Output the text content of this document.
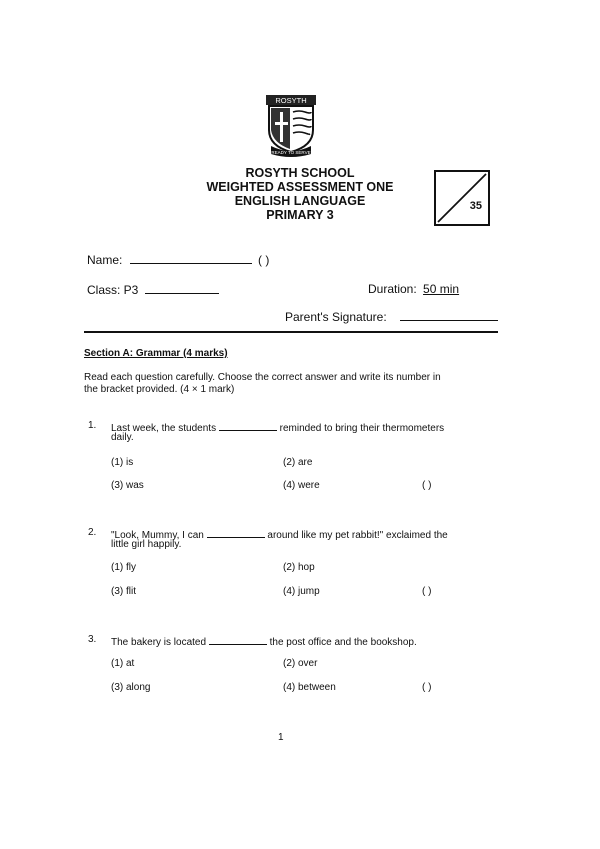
ROSYTH
READY TO SERVE
ROSYTH SCHOOL
WEIGHTED ASSESSMENT ONE
ENGLISH LANGUAGE
PRIMARY 3
35
Name:	( )
Class: P3	Duration: 50 min
Parent's Signature:
Section A: Grammar (4 marks)
Read each question carefully. Choose the correct answer and write its number in
the bracket provided. (4 × 1 mark)
1. Last week, the students	reminded to bring their thermometers
daily.
(1) is	(2) are
(3) was	(4) were	( )
2. "Look, Mummy, I can	around like my pet rabbit!" exclaimed the
little girl happily.
(1) fly	(2) hop
(3) flit	(4) jump	( )
3. The bakery is located	the post office and the bookshop.
(1) at	(2) over
(3) along	(4) between	( )
1
